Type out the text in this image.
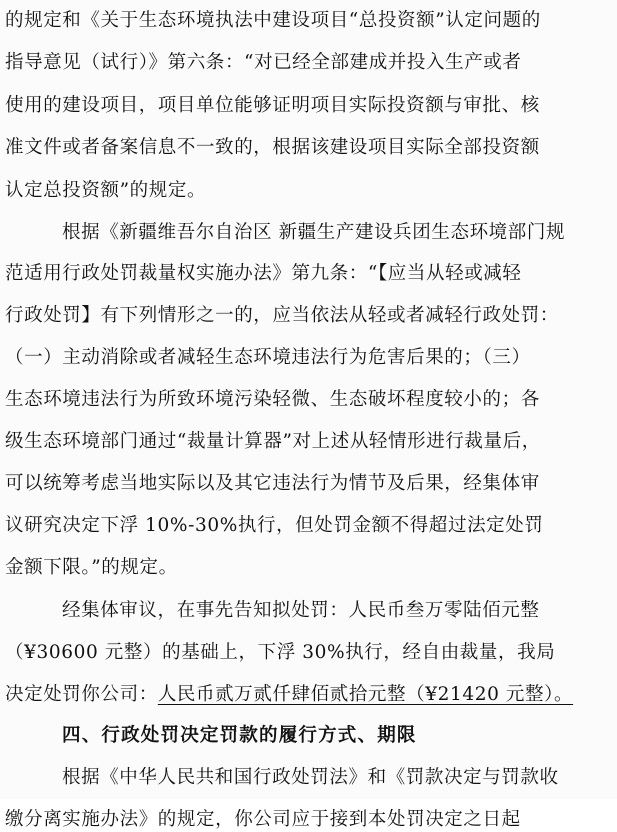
的规定和《关于生态环境执法中建设项目“总投资额”认定问题的
指导意见（试行）》第六条：“对已经全部建成并投入生产或者
使用的建设项目，项目单位能够证明项目实际投资额与审批、核
准文件或者备案信息不一致的，根据该建设项目实际全部投资额
认定总投资额”的规定。
根据《新疆维吾尔自治区 新疆生产建设兵团生态环境部门规
范适用行政处罚裁量权实施办法》第九条：“【应当从轻或减轻
行政处罚】有下列情形之一的，应当依法从轻或者减轻行政处罚：
（一）主动消除或者减轻生态环境违法行为危害后果的；（三）
生态环境违法行为所致环境污染轻微、生态破坏程度较小的；各
级生态环境部门通过“裁量计算器”对上述从轻情形进行裁量后，
可以统筹考虑当地实际以及其它违法行为情节及后果，经集体审
议研究决定下浮 10%-30%执行，但处罚金额不得超过法定处罚
金额下限。”的规定。
经集体审议，在事先告知拟处罚：人民币叁万零陆佰元整
（¥30600 元整）的基础上，下浮 30%执行，经自由裁量，我局
决定处罚你公司：人民币贰万贰仟肆佰贰拾元整（¥21420 元整）。
四、行政处罚决定罚款的履行方式、期限
根据《中华人民共和国行政处罚法》和《罚款决定与罚款收
缴分离实施办法》的规定，你公司应于接到本处罚决定之日起
